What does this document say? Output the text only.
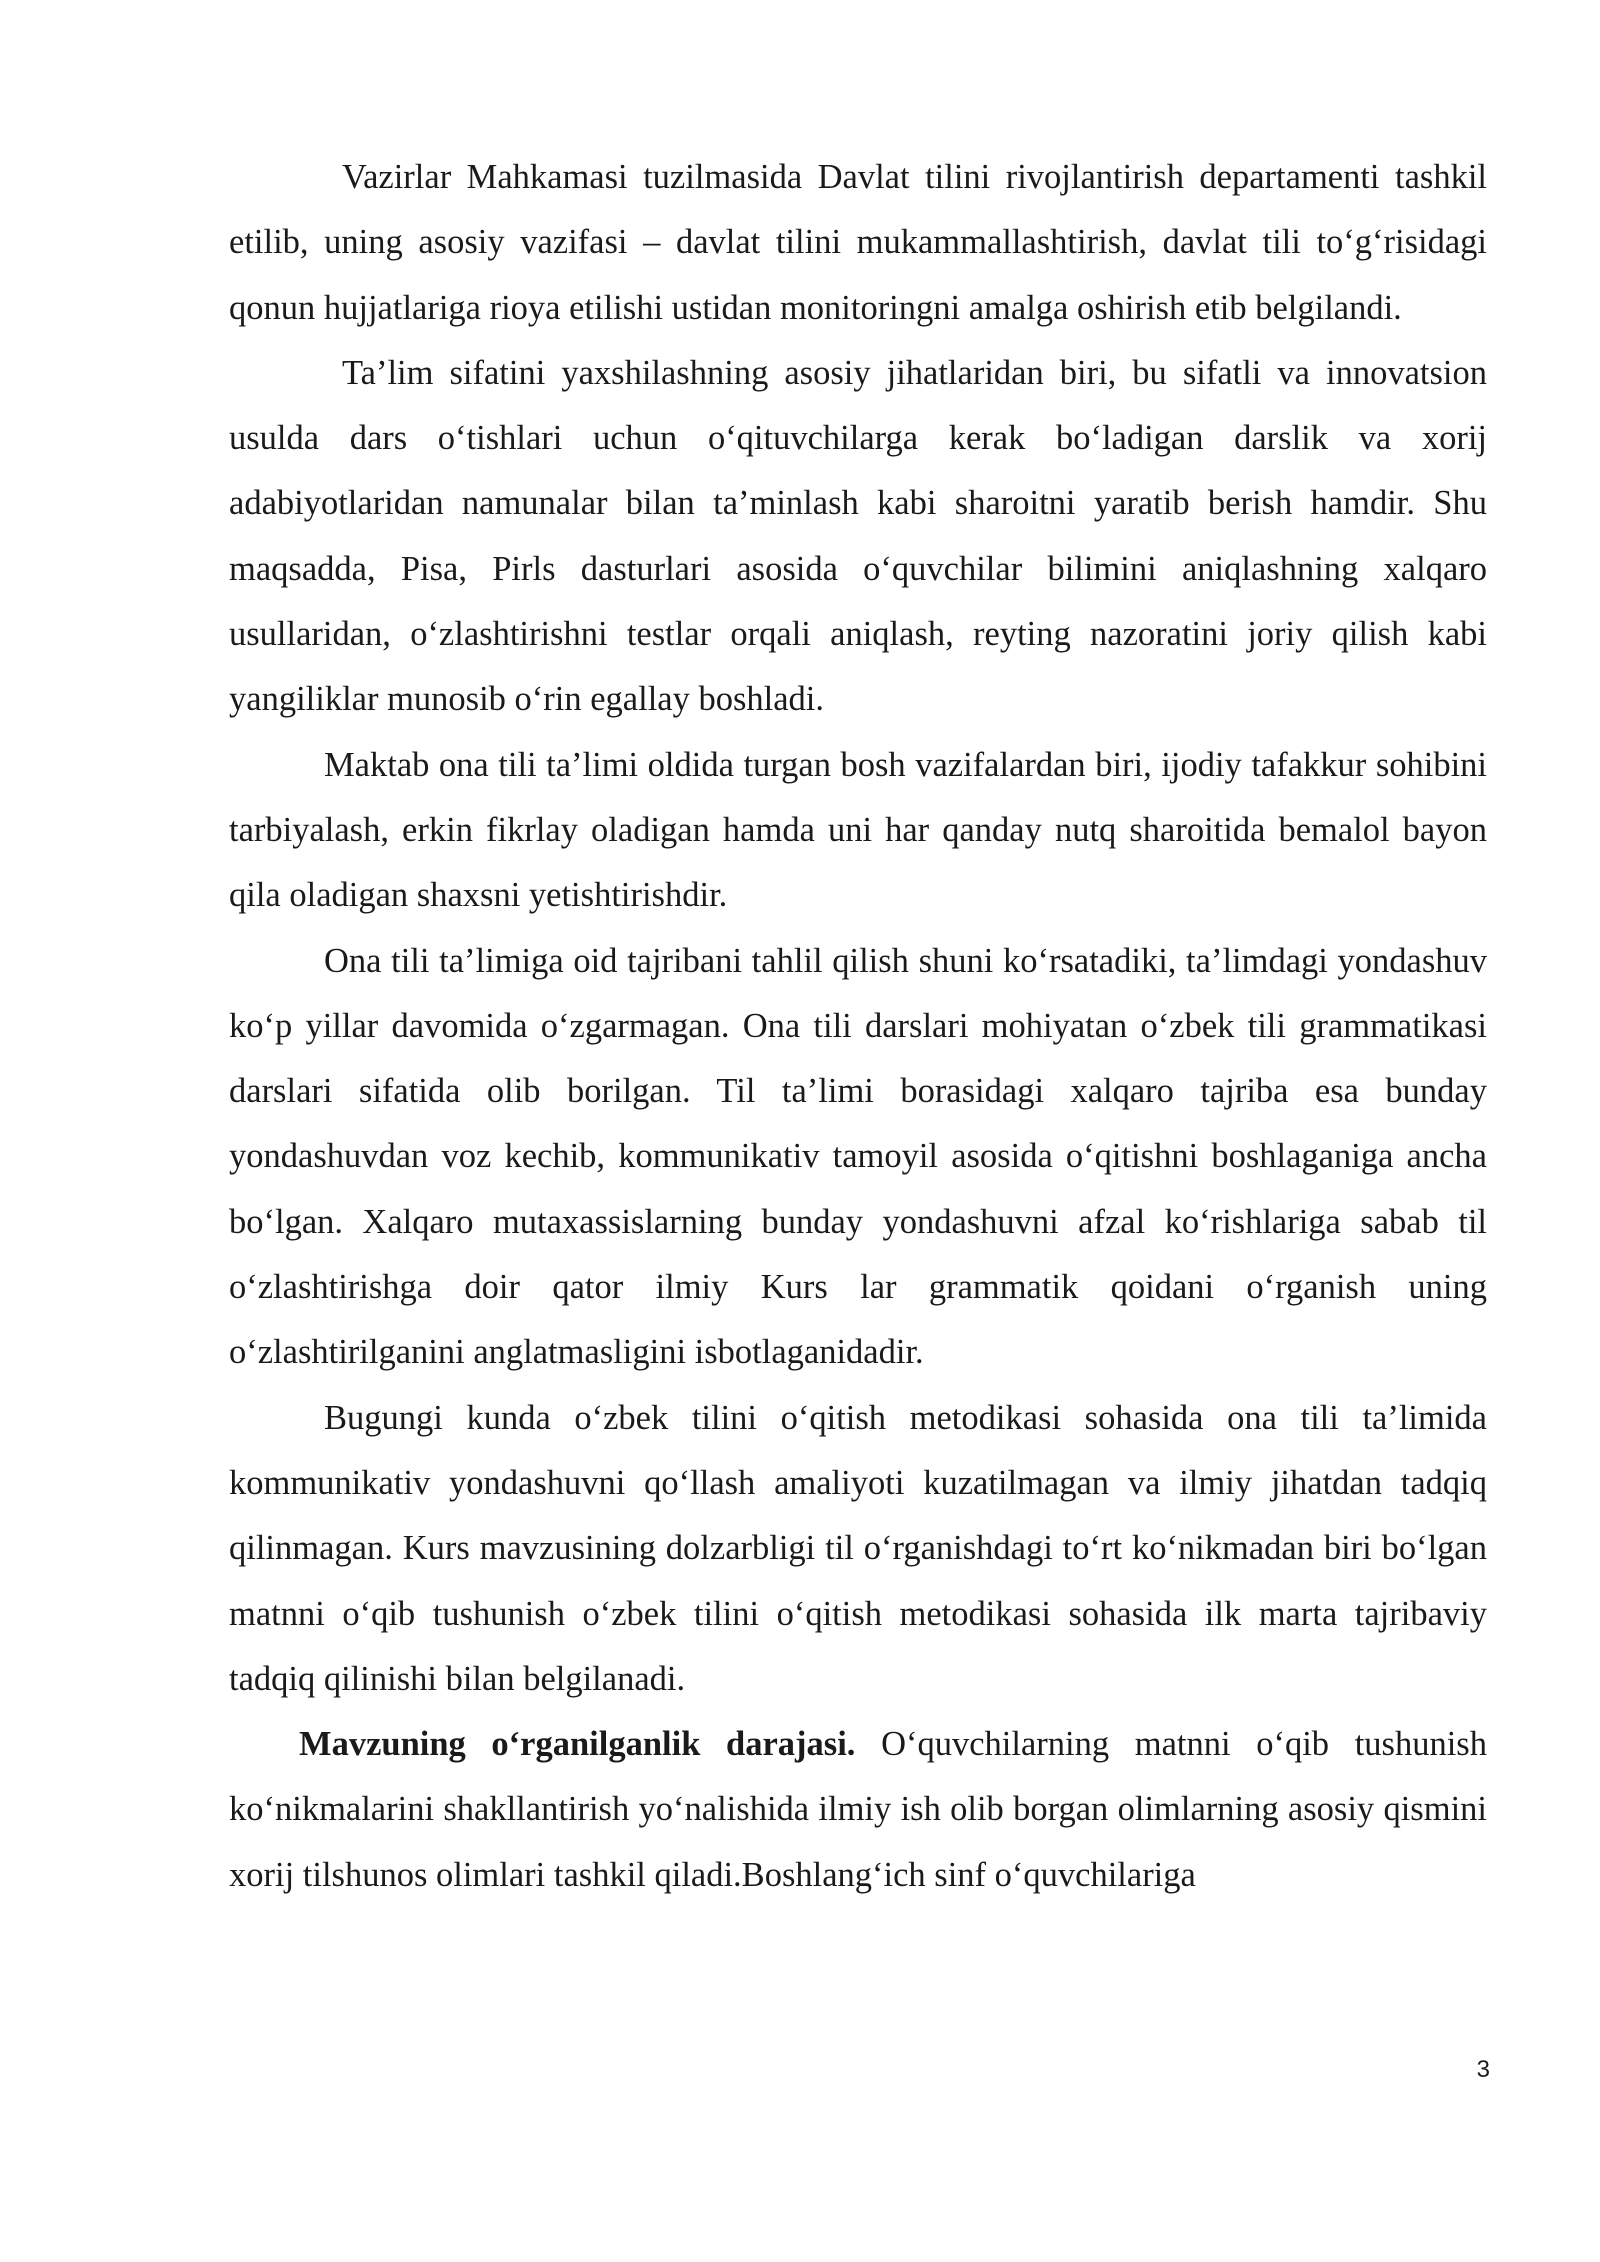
Vazirlar Mahkamasi tuzilmasida Davlat tilini rivojlantirish departamenti tashkil etilib, uning asosiy vazifasi – davlat tilini mukammallashtirish, davlat tili to‘g‘risidagi qonun hujjatlariga rioya etilishi ustidan monitoringni amalga oshirish etib belgilandi.

Ta’lim sifatini yaxshilashning asosiy jihatlaridan biri, bu sifatli va innovatsion usulda dars o‘tishlari uchun o‘qituvchilarga kerak bo‘ladigan darslik va xorij adabiyotlaridan namunalar bilan ta’minlash kabi sharoitni yaratib berish hamdir. Shu maqsadda, Pisa, Pirls dasturlari asosida o‘quvchilar bilimini aniqlashning xalqaro usullaridan, o‘zlashtirishni testlar orqali aniqlash, reyting nazoratini joriy qilish kabi yangiliklar munosib o‘rin egallay boshladi.

Maktab ona tili ta’limi oldida turgan bosh vazifalardan biri, ijodiy tafakkur sohibini tarbiyalash, erkin fikrlay oladigan hamda uni har qanday nutq sharoitida bemalol bayon qila oladigan shaxsni yetishtirishdir.

Ona tili ta’limiga oid tajribani tahlil qilish shuni ko‘rsatadiki, ta’limdagi yondashuv ko‘p yillar davomida o‘zgarmagan. Ona tili darslari mohiyatan o‘zbek tili grammatikasi darslari sifatida olib borilgan. Til ta’limi borasidagi xalqaro tajriba esa bunday yondashuvdan voz kechib, kommunikativ tamoyil asosida o‘qitishni boshlaganiga ancha bo‘lgan. Xalqaro mutaxassislarning bunday yondashuvni afzal ko‘rishlariga sabab til o‘zlashtirishga doir qator ilmiy Kurs lar grammatik qoidani o‘rganish uning o‘zlashtirilganini anglatmasligini isbotlaganidadir.

Bugungi kunda o‘zbek tilini o‘qitish metodikasi sohasida ona tili ta’limida kommunikativ yondashuvni qo‘llash amaliyoti kuzatilmagan va ilmiy jihatdan tadqiq qilinmagan. Kurs mavzusining dolzarbligi til o‘rganishdagi to‘rt ko‘nikmadan biri bo‘lgan matnni o‘qib tushunish o‘zbek tilini o‘qitish metodikasi sohasida ilk marta tajribaviy tadqiq qilinishi bilan belgilanadi.

Mavzuning o‘rganilganlik darajasi. O‘quvchilarning matnni o‘qib tushunish ko‘nikmalarini shakllantirish yo‘nalishida ilmiy ish olib borgan olimlarning asosiy qismini xorij tilshunos olimlari tashkil qiladi.Boshlang‘ich sinf o‘quvchilariga

3
